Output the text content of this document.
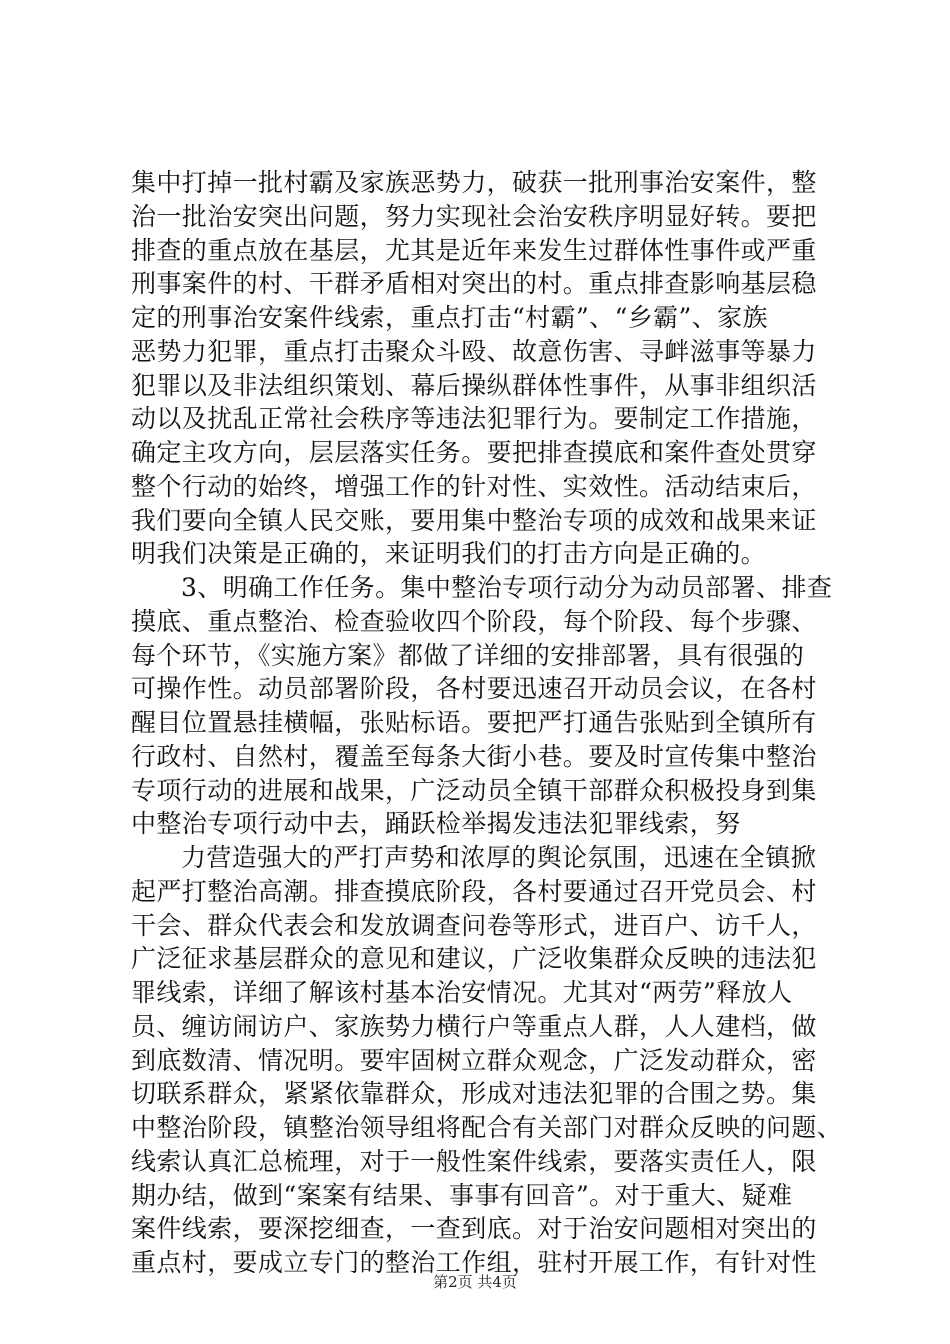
集中打掉一批村霸及家族恶势力，破获一批刑事治安案件，整
治一批治安突出问题，努力实现社会治安秩序明显好转。要把
排查的重点放在基层，尤其是近年来发生过群体性事件或严重
刑事案件的村、干群矛盾相对突出的村。重点排查影响基层稳
定的刑事治安案件线索，重点打击“村霸”、“乡霸”、家族
恶势力犯罪，重点打击聚众斗殴、故意伤害、寻衅滋事等暴力
犯罪以及非法组织策划、幕后操纵群体性事件，从事非组织活
动以及扰乱正常社会秩序等违法犯罪行为。要制定工作措施，
确定主攻方向，层层落实任务。要把排查摸底和案件查处贯穿
整个行动的始终，增强工作的针对性、实效性。活动结束后，
我们要向全镇人民交账，要用集中整治专项的成效和战果来证
明我们决策是正确的，来证明我们的打击方向是正确的。
3、明确工作任务。集中整治专项行动分为动员部署、排查
摸底、重点整治、检查验收四个阶段，每个阶段、每个步骤、
每个环节，《实施方案》都做了详细的安排部署，具有很强的
可操作性。动员部署阶段，各村要迅速召开动员会议，在各村
醒目位置悬挂横幅，张贴标语。要把严打通告张贴到全镇所有
行政村、自然村，覆盖至每条大街小巷。要及时宣传集中整治
专项行动的进展和战果，广泛动员全镇干部群众积极投身到集
中整治专项行动中去，踊跃检举揭发违法犯罪线索，努
力营造强大的严打声势和浓厚的舆论氛围，迅速在全镇掀
起严打整治高潮。排查摸底阶段，各村要通过召开党员会、村
干会、群众代表会和发放调查问卷等形式，进百户、访千人，
广泛征求基层群众的意见和建议，广泛收集群众反映的违法犯
罪线索，详细了解该村基本治安情况。尤其对“两劳”释放人
员、缠访闹访户、家族势力横行户等重点人群，人人建档，做
到底数清、情况明。要牢固树立群众观念，广泛发动群众，密
切联系群众，紧紧依靠群众，形成对违法犯罪的合围之势。集
中整治阶段，镇整治领导组将配合有关部门对群众反映的问题、
线索认真汇总梳理，对于一般性案件线索，要落实责任人，限
期办结，做到“案案有结果、事事有回音”。对于重大、疑难
案件线索，要深挖细查，一查到底。对于治安问题相对突出的
重点村，要成立专门的整治工作组，驻村开展工作，有针对性
第2页 共4页
